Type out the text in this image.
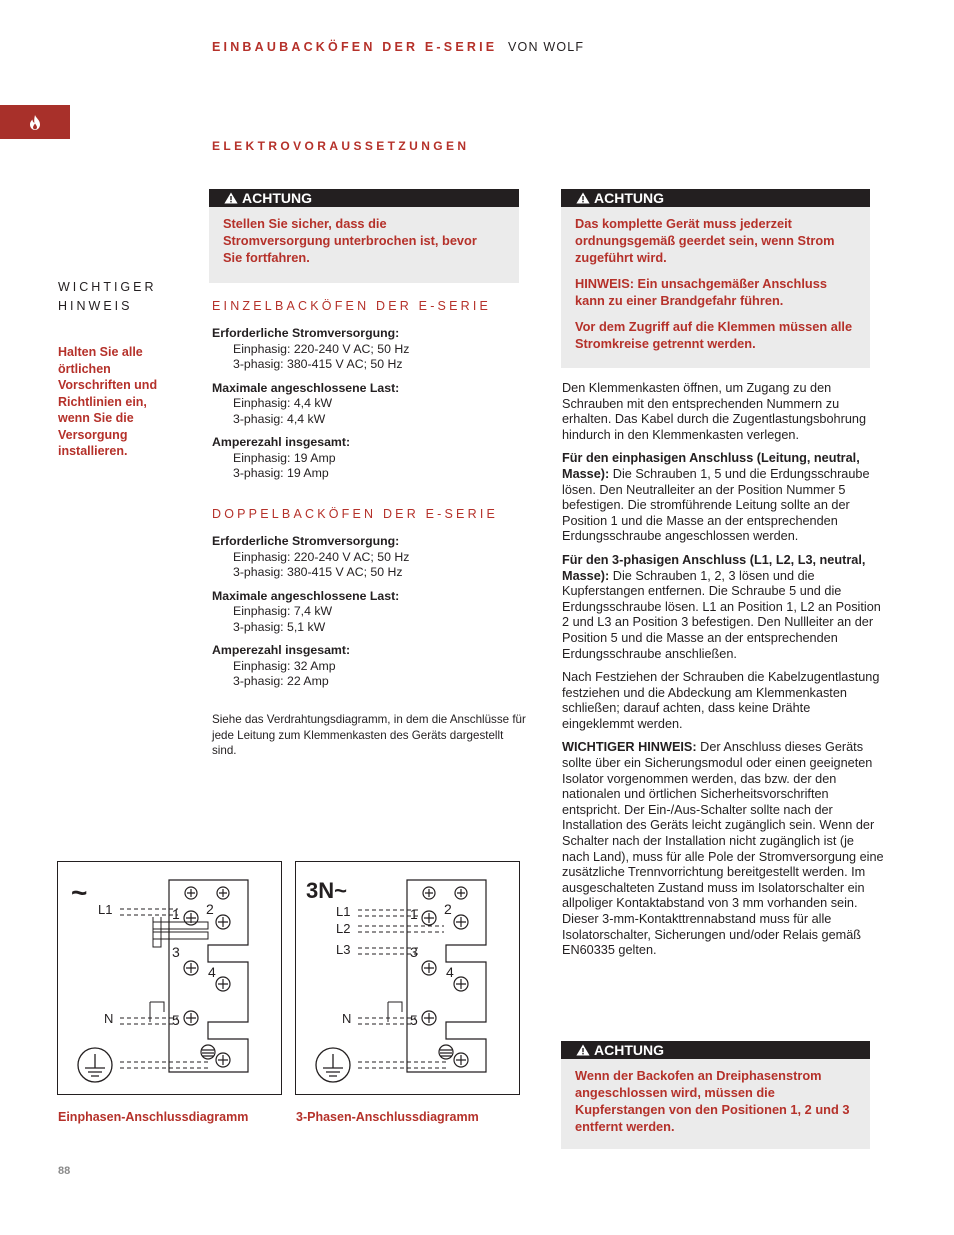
EINBAUBACKÖFEN DER E-SERIE VON WOLF
ELEKTROVORAUSSETZUNGEN
WICHTIGER
HINWEIS
Halten Sie alle örtlichen Vorschriften und Richtlinien ein, wenn Sie die Versorgung installieren.
ACHTUNG

Stellen Sie sicher, dass die Stromversorgung unterbrochen ist, bevor Sie fortfahren.

EINZELBACKÖFEN DER E-SERIE
Erforderliche Stromversorgung:
Einphasig: 220-240 V AC; 50 Hz
3-phasig: 380-415 V AC; 50 Hz
Maximale angeschlossene Last:
Einphasig: 4,4 kW
3-phasig: 4,4 kW
Amperezahl insgesamt:
Einphasig: 19 Amp
3-phasig: 19 Amp
DOPPELBACKÖFEN DER E-SERIE
Erforderliche Stromversorgung:
Einphasig: 220-240 V AC; 50 Hz
3-phasig: 380-415 V AC; 50 Hz
Maximale angeschlossene Last:
Einphasig: 7,4 kW
3-phasig: 5,1 kW
Amperezahl insgesamt:
Einphasig: 32 Amp
3-phasig: 22 Amp
Siehe das Verdrahtungsdiagramm, in dem die Anschlüsse für jede Leitung zum Klemmenkasten des Geräts dargestellt sind.
ACHTUNG

Das komplette Gerät muss jederzeit ordnungsgemäß geerdet sein, wenn Strom zugeführt wird.

HINWEIS: Ein unsachgemäßer Anschluss kann zu einer Brandgefahr führen.

Vor dem Zugriff auf die Klemmen müssen alle Stromkreise getrennt werden.

Den Klemmenkasten öffnen, um Zugang zu den Schrauben mit den entsprechenden Nummern zu erhalten. Das Kabel durch die Zugentlastungsbohrung hindurch in den Klemmenkasten verlegen.

Für den einphasigen Anschluss (Leitung, neutral, Masse): Die Schrauben 1, 5 und die Erdungsschraube lösen. Den Neutralleiter an der Position Nummer 5 befestigen. Die stromführende Leitung sollte an der Position 1 und die Masse an der entsprechenden Erdungsschraube angeschlossen werden.

Für den 3-phasigen Anschluss (L1, L2, L3, neutral, Masse): Die Schrauben 1, 2, 3 lösen und die Kupferstangen entfernen. Die Schraube 5 und die Erdungsschraube lösen. L1 an Position 1, L2 an Position 2 und L3 an Position 3 befestigen. Den Nullleiter an der Position 5 und die Masse an der entsprechenden Erdungsschraube anschließen.

Nach Festziehen der Schrauben die Kabelzugentlastung festziehen und die Abdeckung am Klemmenkasten schließen; darauf achten, dass keine Drähte eingeklemmt werden.

WICHTIGER HINWEIS: Der Anschluss dieses Geräts sollte über ein Sicherungsmodul oder einen geeigneten Isolator vorgenommen werden, das bzw. der den nationalen und örtlichen Sicherheitsvorschriften entspricht. Der Ein-/Aus-Schalter sollte nach der Installation des Geräts leicht zugänglich sein. Wenn der Schalter nach der Installation nicht zugänglich ist (je nach Land), muss für alle Pole der Stromversorgung eine zusätzliche Trennvorrichtung bereitgestellt werden. Im ausgeschalteten Zustand muss im Isolatorschalter ein allpoliger Kontaktabstand von 3 mm vorhanden sein. Dieser 3-mm-Kontakttrennabstand muss für alle Isolatorschalter, Sicherungen und/oder Relais gemäß EN60335 gelten.

ACHTUNG

Wenn der Backofen an Dreiphasenstrom angeschlossen wird, müssen die Kupferstangen von den Positionen 1, 2 und 3 entfernt werden.

~
1 2
3
4
5
L1
N
Einphasen-Anschlussdiagramm
3N~
1 2
3
4
5
L1
L2
L3
N
3-Phasen-Anschlussdiagramm
88
